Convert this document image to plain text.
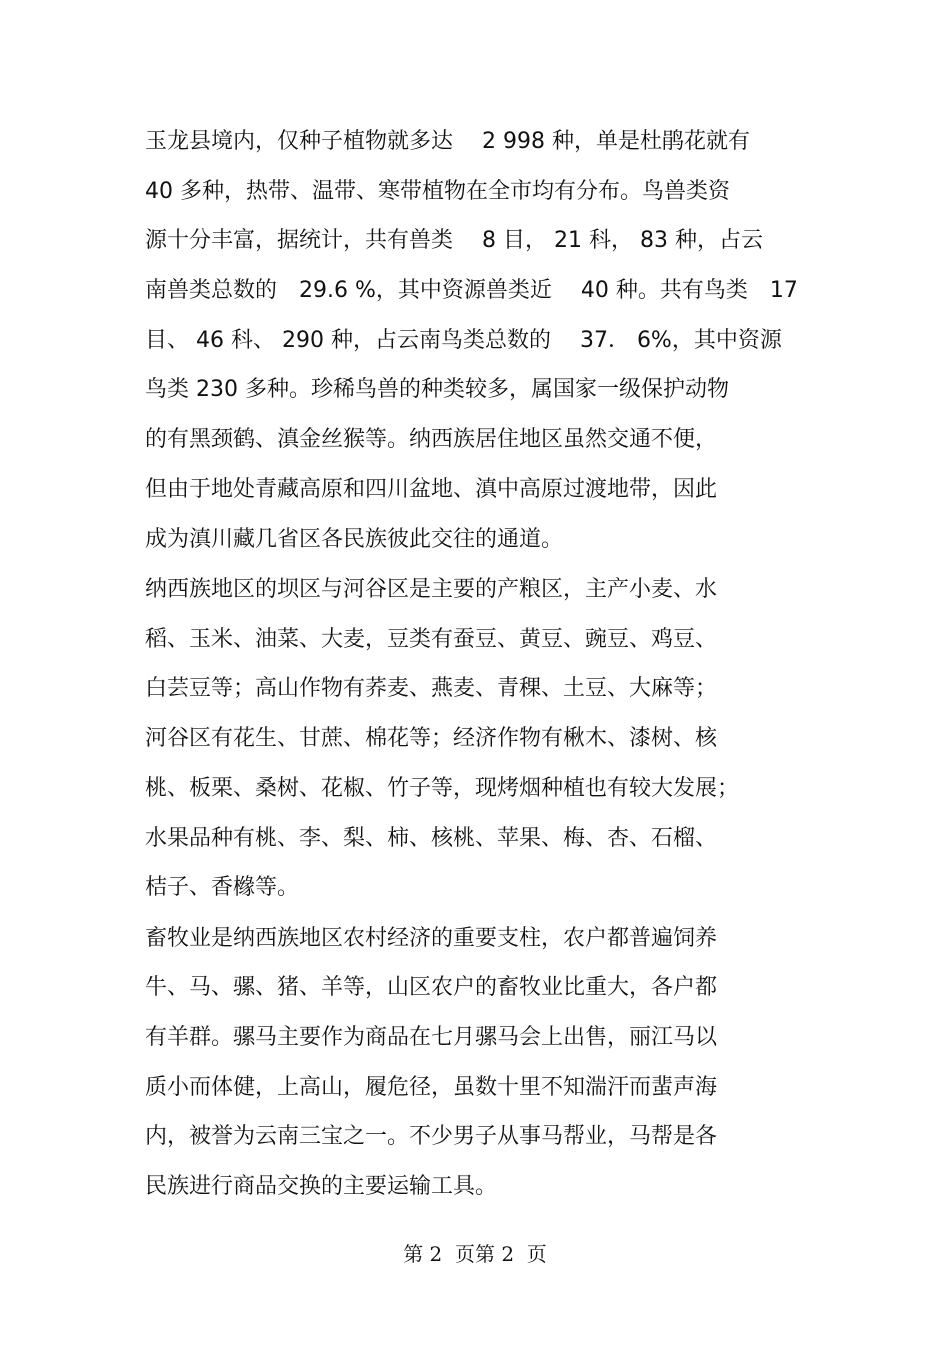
玉龙县境内，仅种子植物就多达　 2 998 种，单是杜鹃花就有
40 多种，热带、温带、寒带植物在全市均有分布。鸟兽类资
源十分丰富，据统计，共有兽类　 8 目， 21 科， 83 种，占云
南兽类总数的　29.6 %，其中资源兽类近　 40 种。共有鸟类　17
目、 46 科、 290 种，占云南鸟类总数的　 37． 6%，其中资源
鸟类 230 多种。珍稀鸟兽的种类较多，属国家一级保护动物
的有黑颈鹤、滇金丝猴等。纳西族居住地区虽然交通不便，
但由于地处青藏高原和四川盆地、滇中高原过渡地带，因此
成为滇川藏几省区各民族彼此交往的通道。
纳西族地区的坝区与河谷区是主要的产粮区，主产小麦、水
稻、玉米、油菜、大麦，豆类有蚕豆、黄豆、豌豆、鸡豆、
白芸豆等；高山作物有荞麦、燕麦、青稞、土豆、大麻等；
河谷区有花生、甘蔗、棉花等；经济作物有楸木、漆树、核
桃、板栗、桑树、花椒、竹子等，现烤烟种植也有较大发展；
水果品种有桃、李、梨、柿、核桃、苹果、梅、杏、石榴、
桔子、香橼等。
畜牧业是纳西族地区农村经济的重要支柱，农户都普遍饲养
牛、马、骡、猪、羊等，山区农户的畜牧业比重大，各户都
有羊群。骡马主要作为商品在七月骡马会上出售，丽江马以
质小而体健，上高山，履危径，虽数十里不知湍汗而蜚声海
内，被誉为云南三宝之一。不少男子从事马帮业，马帮是各
民族进行商品交换的主要运输工具。
第 2  页第 2  页
